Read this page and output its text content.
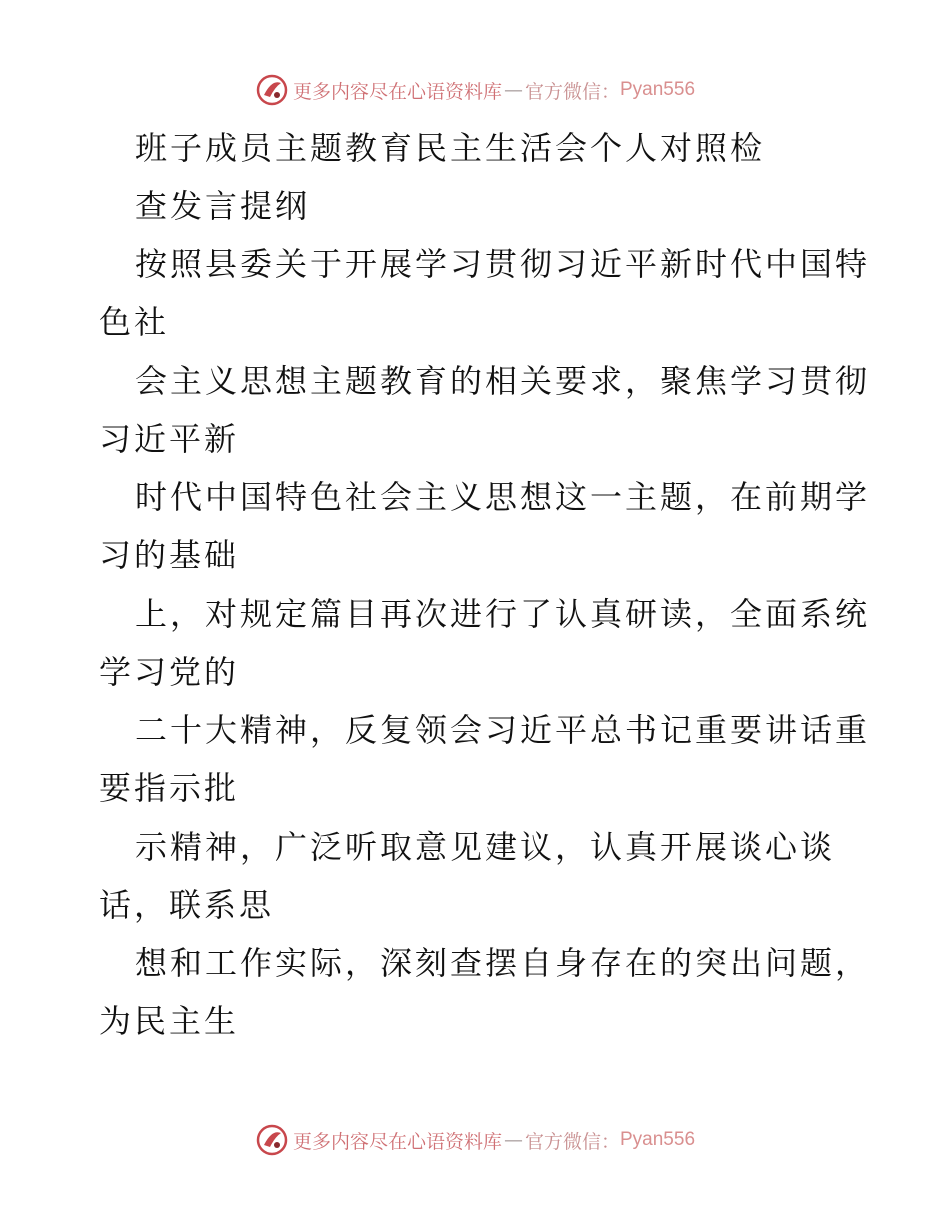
更多内容尽在心语资料库 — 官方微信： Pyan556
班子成员主题教育民主生活会个人对照检
查发言提纲
按照县委关于开展学习贯彻习近平新时代中国特
色社
会主义思想主题教育的相关要求，聚焦学习贯彻
习近平新
时代中国特色社会主义思想这一主题，在前期学
习的基础
上，对规定篇目再次进行了认真研读，全面系统
学习党的
二十大精神，反复领会习近平总书记重要讲话重
要指示批
示精神，广泛听取意见建议，认真开展谈心谈
话，联系思
想和工作实际，深刻查摆自身存在的突出问题，
为民主生
更多内容尽在心语资料库 — 官方微信： Pyan556
